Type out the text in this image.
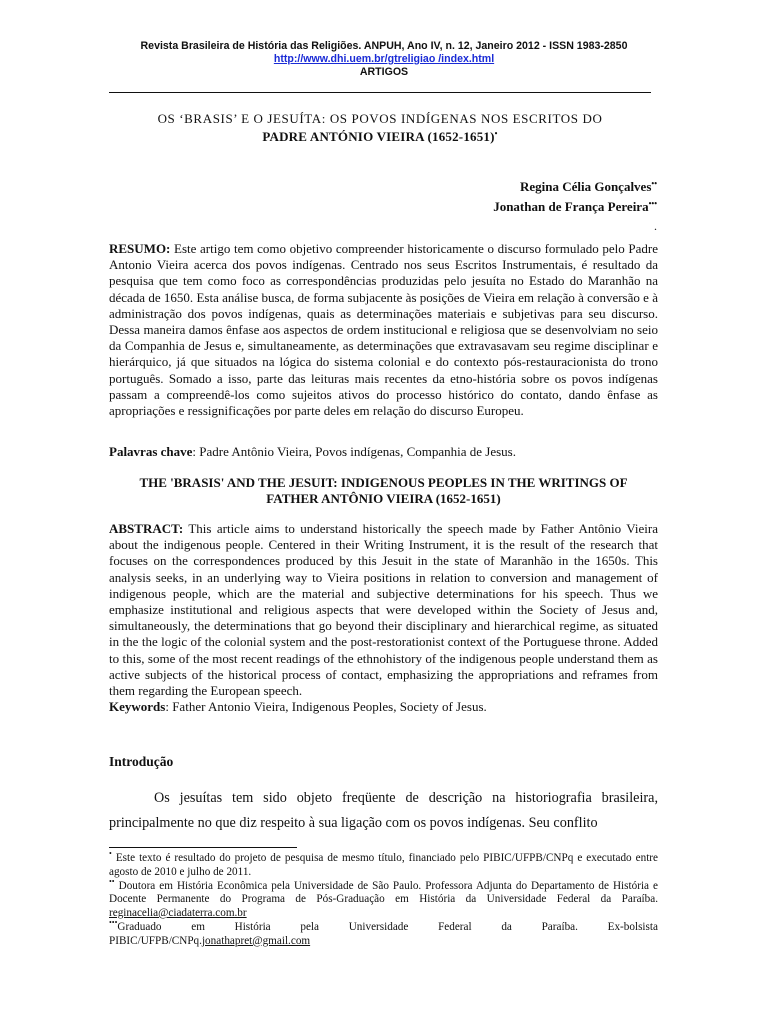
Revista Brasileira de História das Religiões. ANPUH, Ano IV, n. 12, Janeiro 2012 - ISSN 1983-2850
http://www.dhi.uem.br/gtreligiao /index.html
ARTIGOS
OS ‘BRASIS’ E O JESUÍTA: OS POVOS INDÍGENAS NOS ESCRITOS DO
PADRE ANTÓNIO VIEIRA (1652-1651)•
Regina Célia Gonçalves••
Jonathan de França Pereira•••
.
RESUMO: Este artigo tem como objetivo compreender historicamente o discurso formulado pelo Padre Antonio Vieira acerca dos povos indígenas. Centrado nos seus Escritos Instrumentais, é resultado da pesquisa que tem como foco as correspondências produzidas pelo jesuíta no Estado do Maranhão na década de 1650. Esta análise busca, de forma subjacente às posições de Vieira em relação à conversão e à administração dos povos indígenas, quais as determinações materiais e subjetivas para seu discurso. Dessa maneira damos ênfase aos aspectos de ordem institucional e religiosa que se desenvolviam no seio da Companhia de Jesus e, simultaneamente, as determinações que extravasavam seu regime disciplinar e hierárquico, já que situados na lógica do sistema colonial e do contexto pós-restauracionista do trono português. Somado a isso, parte das leituras mais recentes da etno-história sobre os povos indígenas passam a compreendê-los como sujeitos ativos do processo histórico do contato, dando ênfase as apropriações e ressignificações por parte deles em relação do discurso Europeu.
Palavras chave: Padre Antônio Vieira, Povos indígenas, Companhia de Jesus.
THE 'BRASIS' AND THE JESUIT: INDIGENOUS PEOPLES IN THE WRITINGS OF
FATHER ANTÔNIO VIEIRA (1652-1651)
ABSTRACT: This article aims to understand historically the speech made by Father Antônio Vieira about the indigenous people. Centered in their Writing Instrument, it is the result of the research that focuses on the correspondences produced by this Jesuit in the state of Maranhão in the 1650s. This analysis seeks, in an underlying way to Vieira positions in relation to conversion and management of indigenous people, which are the material and subjective determinations for his speech. Thus we emphasize institutional and religious aspects that were developed within the Society of Jesus and, simultaneously, the determinations that go beyond their disciplinary and hierarchical regime, as situated in the the logic of the colonial system and the post-restorationist context of the Portuguese throne. Added to this, some of the most recent readings of the ethnohistory of the indigenous people understand them as active subjects of the historical process of contact, emphasizing the appropriations and reframes from them regarding the European speech.
Keywords: Father Antonio Vieira, Indigenous Peoples, Society of Jesus.
Introdução
Os jesuítas tem sido objeto freqüente de descrição na historiografia brasileira, principalmente no que diz respeito à sua ligação com os povos indígenas. Seu conflito
• Este texto é resultado do projeto de pesquisa de mesmo título, financiado pelo PIBIC/UFPB/CNPq e executado entre agosto de 2010 e julho de 2011.
•• Doutora em História Econômica pela Universidade de São Paulo. Professora Adjunta do Departamento de História e Docente Permanente do Programa de Pós-Graduação em História da Universidade Federal da Paraíba. reginacelia@ciadaterra.com.br
•••Graduado	em	História	pela	Universidade	Federal	da	Paraíba.	Ex-bolsista
PIBIC/UFPB/CNPq.jonathapret@gmail.com
